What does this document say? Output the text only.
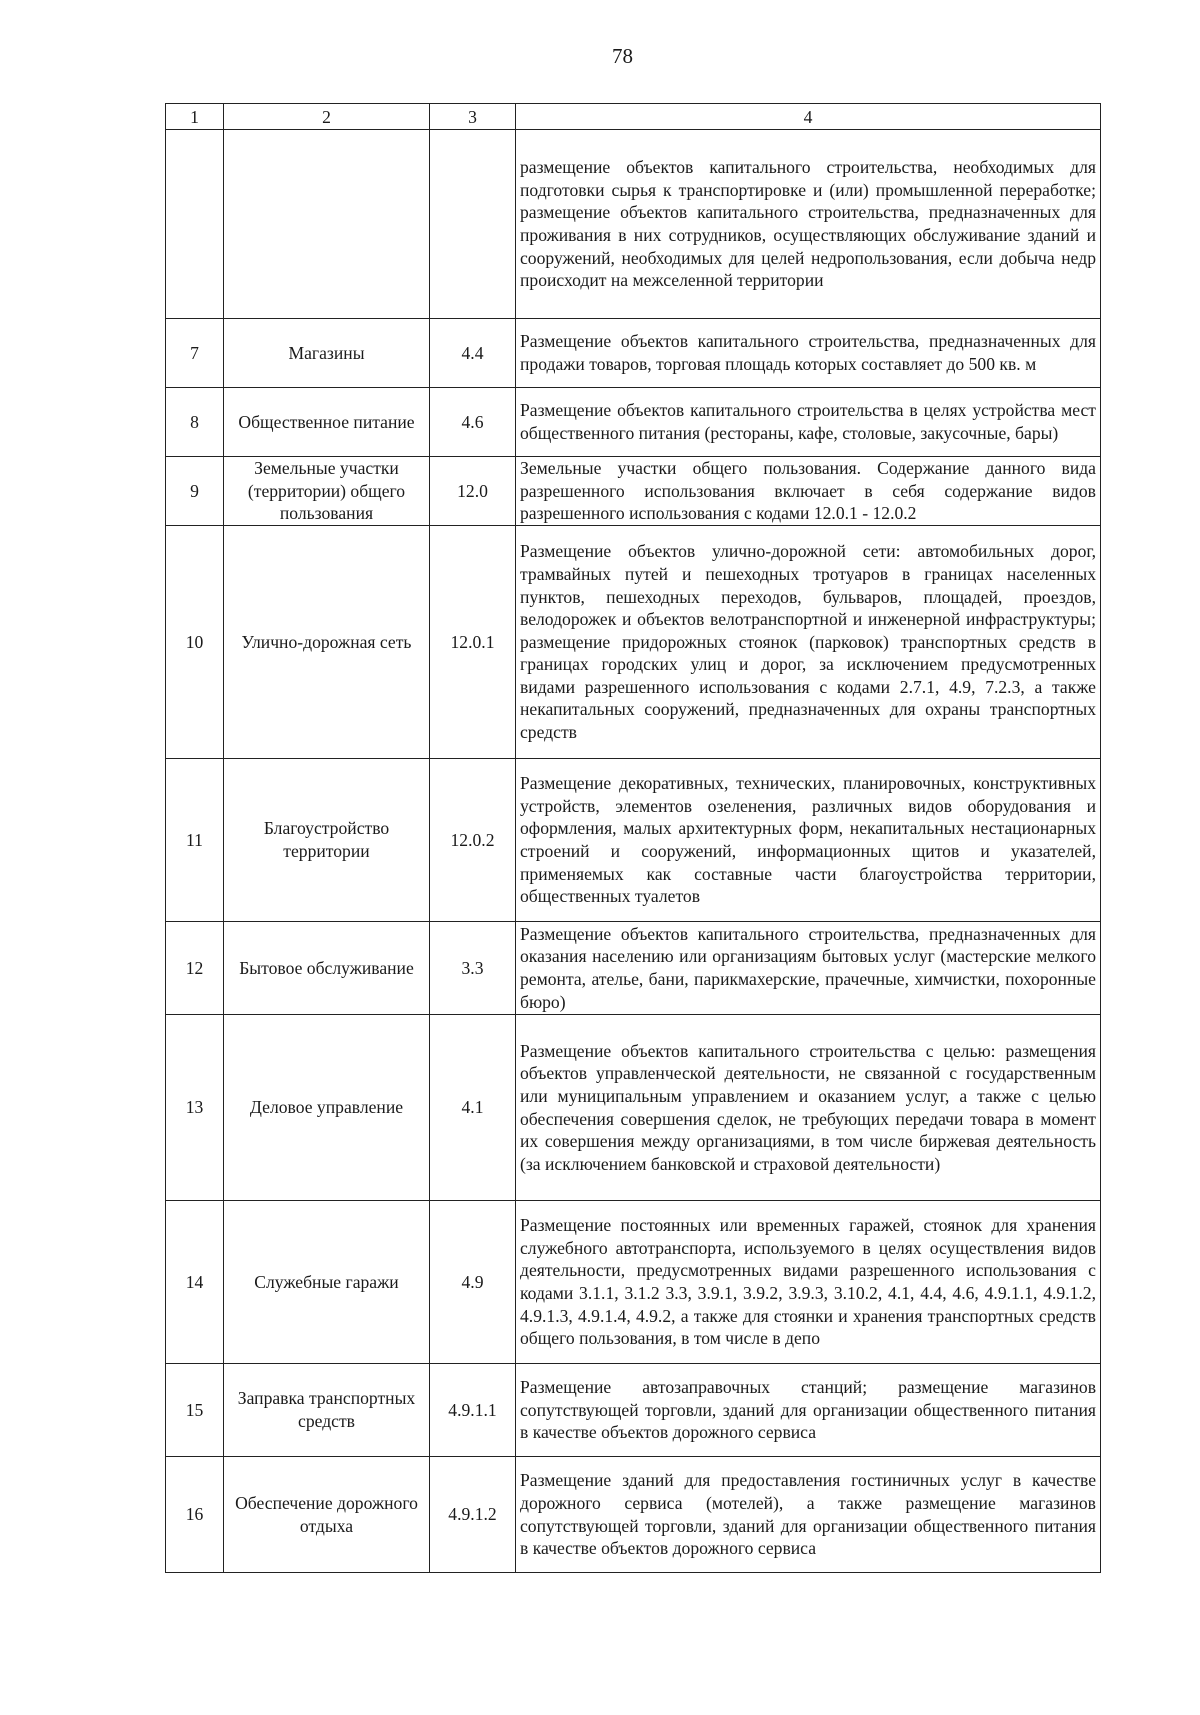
78
1	2	3	4
			размещение объектов капитального строительства, необходимых для подготовки сырья к транспортировке и (или) промышленной переработке; размещение объектов капитального строительства, предназначенных для проживания в них сотрудников, осуществляющих обслуживание зданий и сооружений, необходимых для целей недропользования, если добыча недр происходит на межселенной территории
7	Магазины	4.4	Размещение объектов капитального строительства, предназначенных для продажи товаров, торговая площадь которых составляет до 500 кв. м
8	Общественное питание	4.6	Размещение объектов капитального строительства в целях устройства мест общественного питания (рестораны, кафе, столовые, закусочные, бары)
9	Земельные участки (территории) общего пользования	12.0	Земельные участки общего пользования. Содержание данного вида разрешенного использования включает в себя содержание видов разрешенного использования с кодами 12.0.1 - 12.0.2
10	Улично-дорожная сеть	12.0.1	Размещение объектов улично-дорожной сети: автомобильных дорог, трамвайных путей и пешеходных тротуаров в границах населенных пунктов, пешеходных переходов, бульваров, площадей, проездов, велодорожек и объектов велотранспортной и инженерной инфраструктуры; размещение придорожных стоянок (парковок) транспортных средств в границах городских улиц и дорог, за исключением предусмотренных видами разрешенного использования с кодами 2.7.1, 4.9, 7.2.3, а также некапитальных сооружений, предназначенных для охраны транспортных средств
11	Благоустройство территории	12.0.2	Размещение декоративных, технических, планировочных, конструктивных устройств, элементов озеленения, различных видов оборудования и оформления, малых архитектурных форм, некапитальных нестационарных строений и сооружений, информационных щитов и указателей, применяемых как составные части благоустройства территории, общественных туалетов
12	Бытовое обслуживание	3.3	Размещение объектов капитального строительства, предназначенных для оказания населению или организациям бытовых услуг (мастерские мелкого ремонта, ателье, бани, парикмахерские, прачечные, химчистки, похоронные бюро)
13	Деловое управление	4.1	Размещение объектов капитального строительства с целью: размещения объектов управленческой деятельности, не связанной с государственным или муниципальным управлением и оказанием услуг, а также с целью обеспечения совершения сделок, не требующих передачи товара в момент их совершения между организациями, в том числе биржевая деятельность (за исключением банковской и страховой деятельности)
14	Служебные гаражи	4.9	Размещение постоянных или временных гаражей, стоянок для хранения служебного автотранспорта, используемого в целях осуществления видов деятельности, предусмотренных видами разрешенного использования с кодами 3.1.1, 3.1.2 3.3, 3.9.1, 3.9.2, 3.9.3, 3.10.2, 4.1, 4.4, 4.6, 4.9.1.1, 4.9.1.2, 4.9.1.3, 4.9.1.4, 4.9.2, а также для стоянки и хранения транспортных средств общего пользования, в том числе в депо
15	Заправка транспортных средств	4.9.1.1	Размещение автозаправочных станций; размещение магазинов сопутствующей торговли, зданий для организации общественного питания в качестве объектов дорожного сервиса
16	Обеспечение дорожного отдыха	4.9.1.2	Размещение зданий для предоставления гостиничных услуг в качестве дорожного сервиса (мотелей), а также размещение магазинов сопутствующей торговли, зданий для организации общественного питания в качестве объектов дорожного сервиса
